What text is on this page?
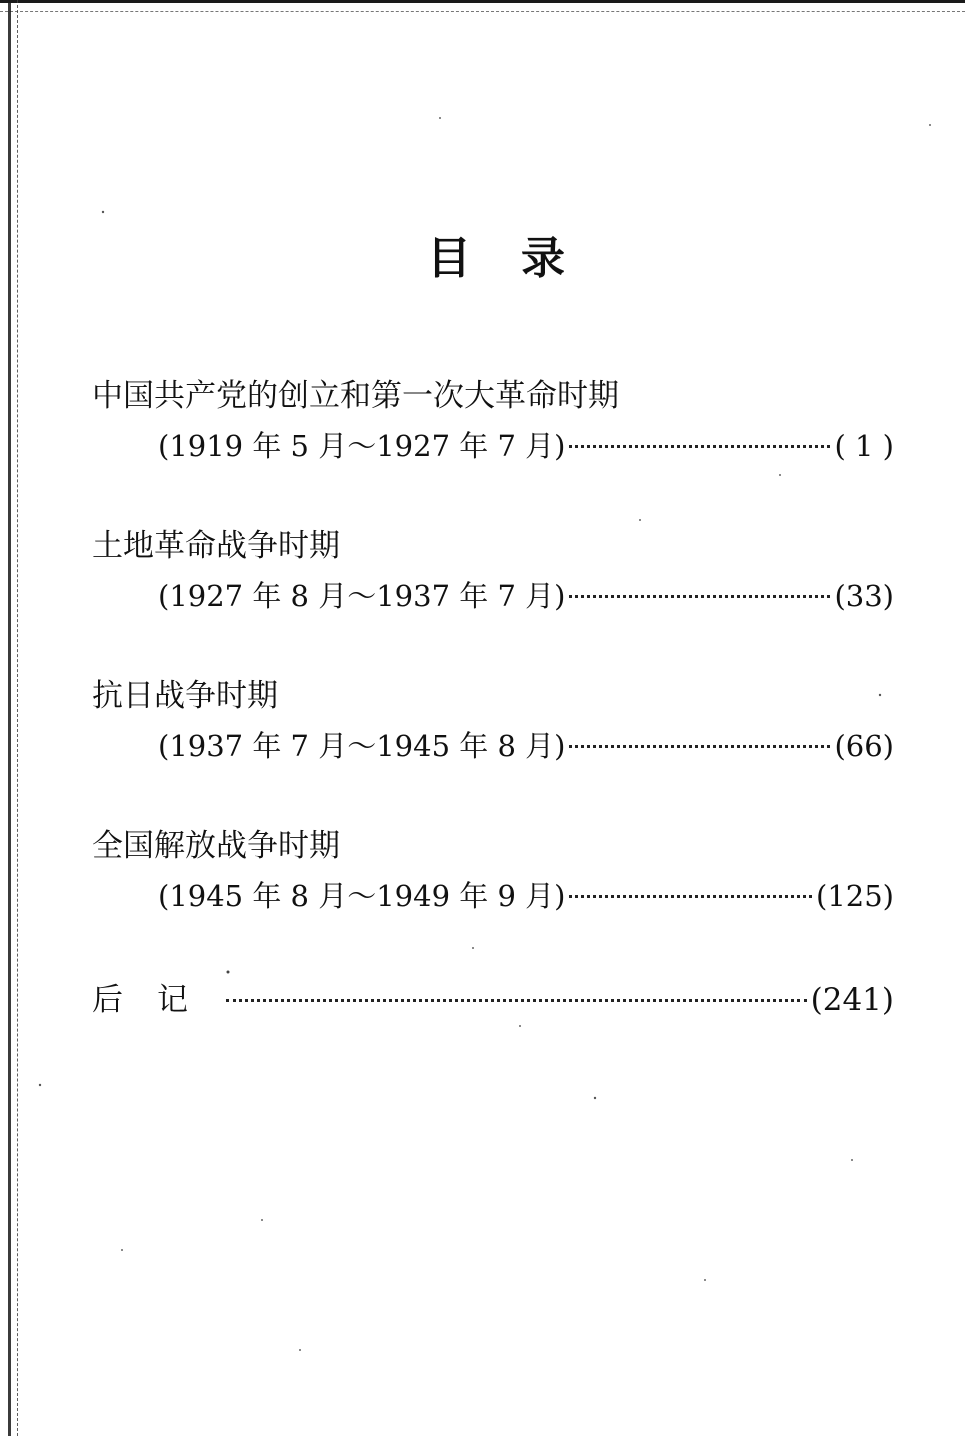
目 录
中国共产党的创立和第一次大革命时期
(1919 年 5 月～1927 年 7 月)	( 1 )
土地革命战争时期
(1927 年 8 月～1937 年 7 月)	(33)
抗日战争时期
(1937 年 7 月～1945 年 8 月)	(66)
全国解放战争时期
(1945 年 8 月～1949 年 9 月)	(125)
后记	(241)
